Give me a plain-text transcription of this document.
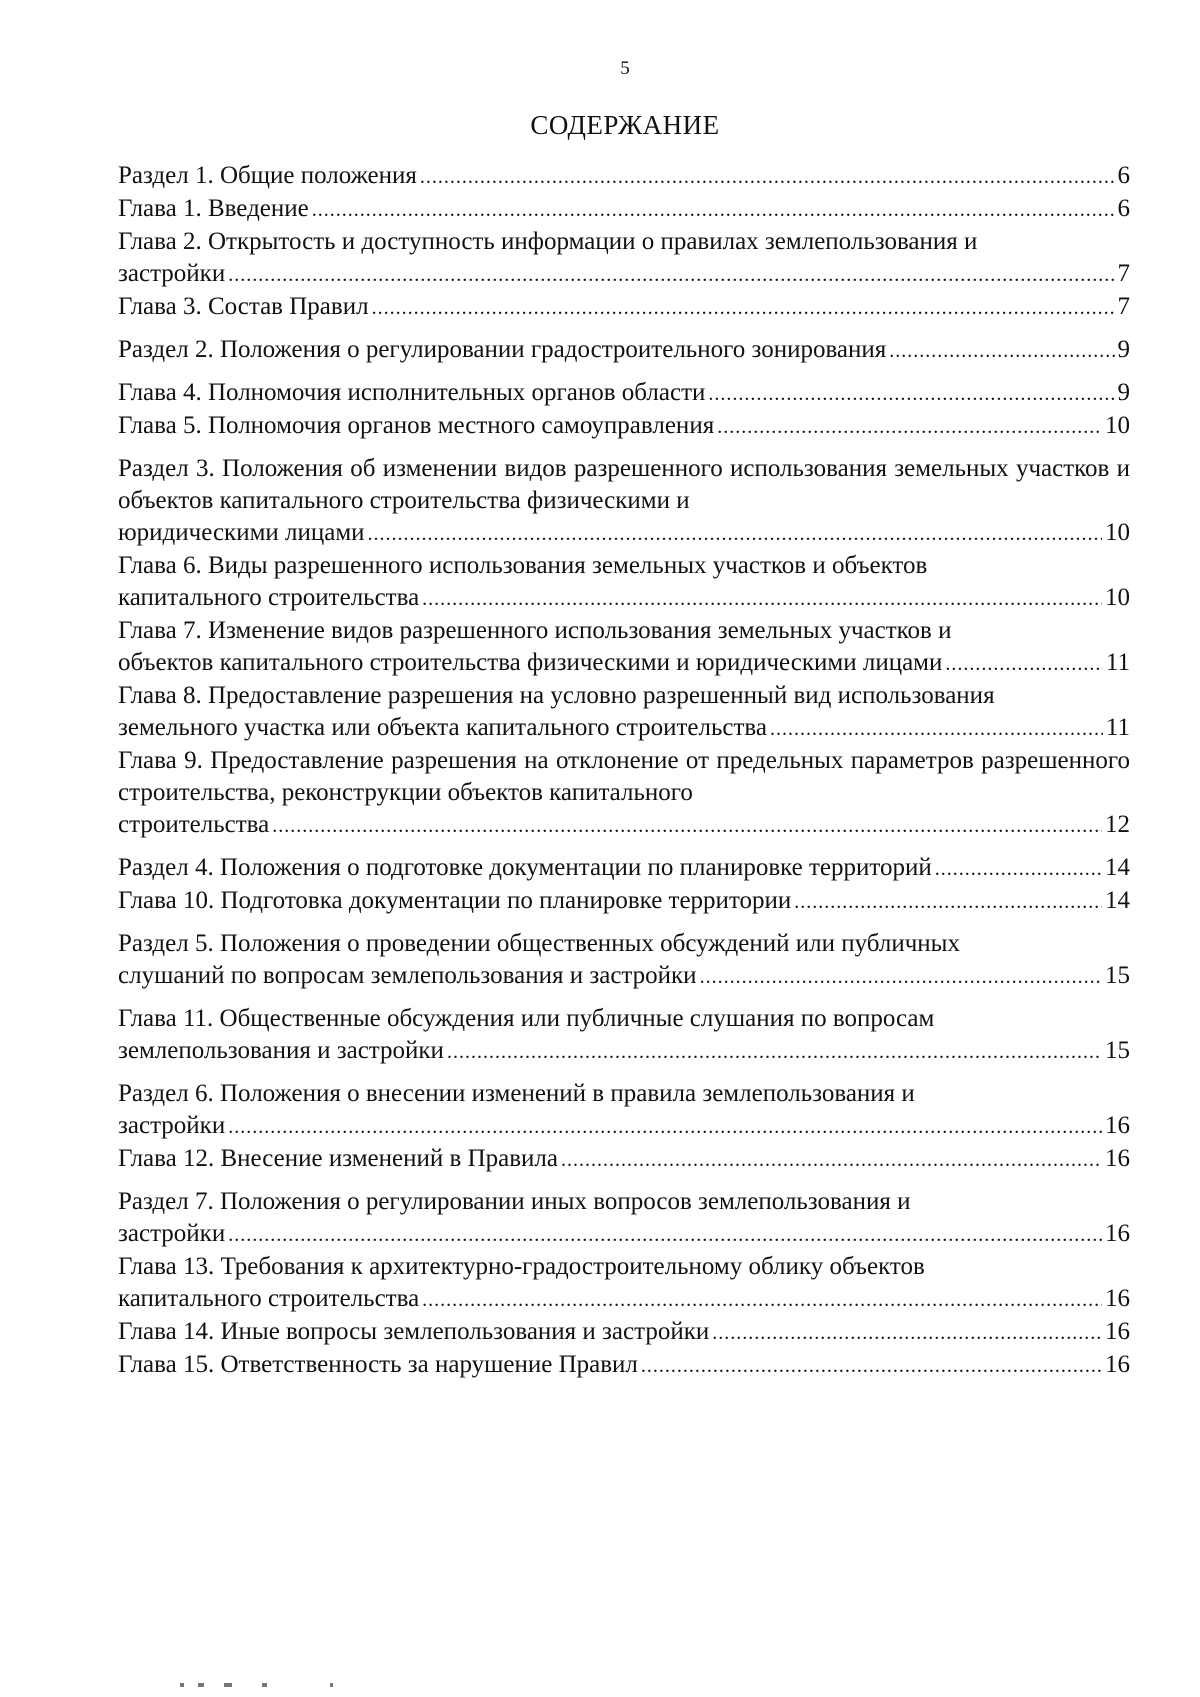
5
СОДЕРЖАНИЕ
Раздел 1. Общие положения .....	6
Глава 1. Введение .....	6
Глава 2. Открытость и доступность информации о правилах землепользования и
застройки .....	7
Глава 3. Состав Правил .....	7
Раздел 2. Положения о регулировании градостроительного зонирования .....	9
Глава 4. Полномочия исполнительных органов области .....	9
Глава 5. Полномочия органов местного самоуправления .....	10
Раздел 3. Положения об изменении видов разрешенного использования земельных участков и объектов капитального строительства физическими и
юридическими лицами .....	10
Глава 6. Виды разрешенного использования земельных участков и объектов
капитального строительства .....	10
Глава 7. Изменение видов разрешенного использования земельных участков и
объектов капитального строительства физическими и юридическими лицами .....	11
Глава 8. Предоставление разрешения на условно разрешенный вид использования
земельного участка или объекта капитального строительства .....	11
Глава 9. Предоставление разрешения на отклонение от предельных параметров разрешенного строительства, реконструкции объектов капитального
строительства .....	12
Раздел 4. Положения о подготовке документации по планировке территорий .....	14
Глава 10. Подготовка документации по планировке территории .....	14
Раздел 5. Положения о проведении общественных обсуждений или публичных
слушаний по вопросам землепользования и застройки .....	15
Глава 11. Общественные обсуждения или публичные слушания по вопросам
землепользования и застройки .....	15
Раздел 6. Положения о внесении изменений в правила землепользования и
застройки .....	16
Глава 12. Внесение изменений в Правила .....	16
Раздел 7. Положения о регулировании иных вопросов землепользования и
застройки .....	16
Глава 13. Требования к архитектурно-градостроительному облику объектов
капитального строительства .....	16
Глава 14. Иные вопросы землепользования и застройки .....	16
Глава 15. Ответственность за нарушение Правил .....	16
